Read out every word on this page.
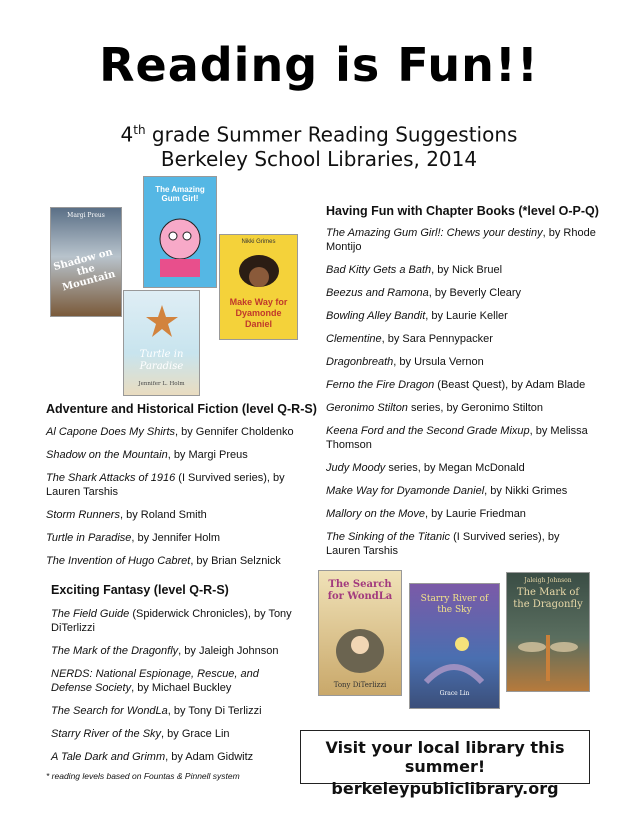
Reading is Fun!!
4th grade Summer Reading Suggestions
Berkeley School Libraries, 2014
Margi Preus
Shadow on the Mountain
The Amazing Gum Girl!
Nikki Grimes
Make Way for Dyamonde Daniel
Turtle in Paradise
Jennifer L. Holm
Having Fun with Chapter Books (*level O-P-Q)
The Amazing Gum Girl!: Chews your destiny, by Rhode Montijo
Bad Kitty Gets a Bath, by Nick Bruel
Beezus and Ramona, by Beverly Cleary
Bowling Alley Bandit, by Laurie Keller
Clementine, by Sara Pennypacker
Dragonbreath, by Ursula Vernon
Ferno the Fire Dragon (Beast Quest), by Adam Blade
Geronimo Stilton series, by Geronimo Stilton
Keena Ford and the Second Grade Mixup, by Melissa Thomson
Judy Moody series, by Megan McDonald
Make Way for Dyamonde Daniel, by Nikki Grimes
Mallory on the Move, by Laurie Friedman
The Sinking of the Titanic (I Survived series), by Lauren Tarshis
Adventure and Historical Fiction (level Q-R-S)
Al Capone Does My Shirts, by Gennifer Choldenko
Shadow on the Mountain, by Margi Preus
The Shark Attacks of 1916 (I Survived series), by Lauren Tarshis
Storm Runners, by Roland Smith
Turtle in Paradise, by Jennifer Holm
The Invention of Hugo Cabret, by Brian Selznick
Exciting Fantasy (level Q-R-S)
The Field Guide (Spiderwick Chronicles), by Tony DiTerlizzi
The Mark of the Dragonfly, by Jaleigh Johnson
NERDS: National Espionage, Rescue, and Defense Society, by Michael Buckley
The Search for WondLa, by Tony Di Terlizzi
Starry River of the Sky, by Grace Lin
A Tale Dark and Grimm, by Adam Gidwitz
* reading levels based on Fountas & Pinnell system
The Search for WondLa
Tony DiTerlizzi
Starry River of the Sky
Grace Lin
Jaleigh Johnson
The Mark of the Dragonfly
Visit your local library this summer!
berkeleypubliclibrary.org
